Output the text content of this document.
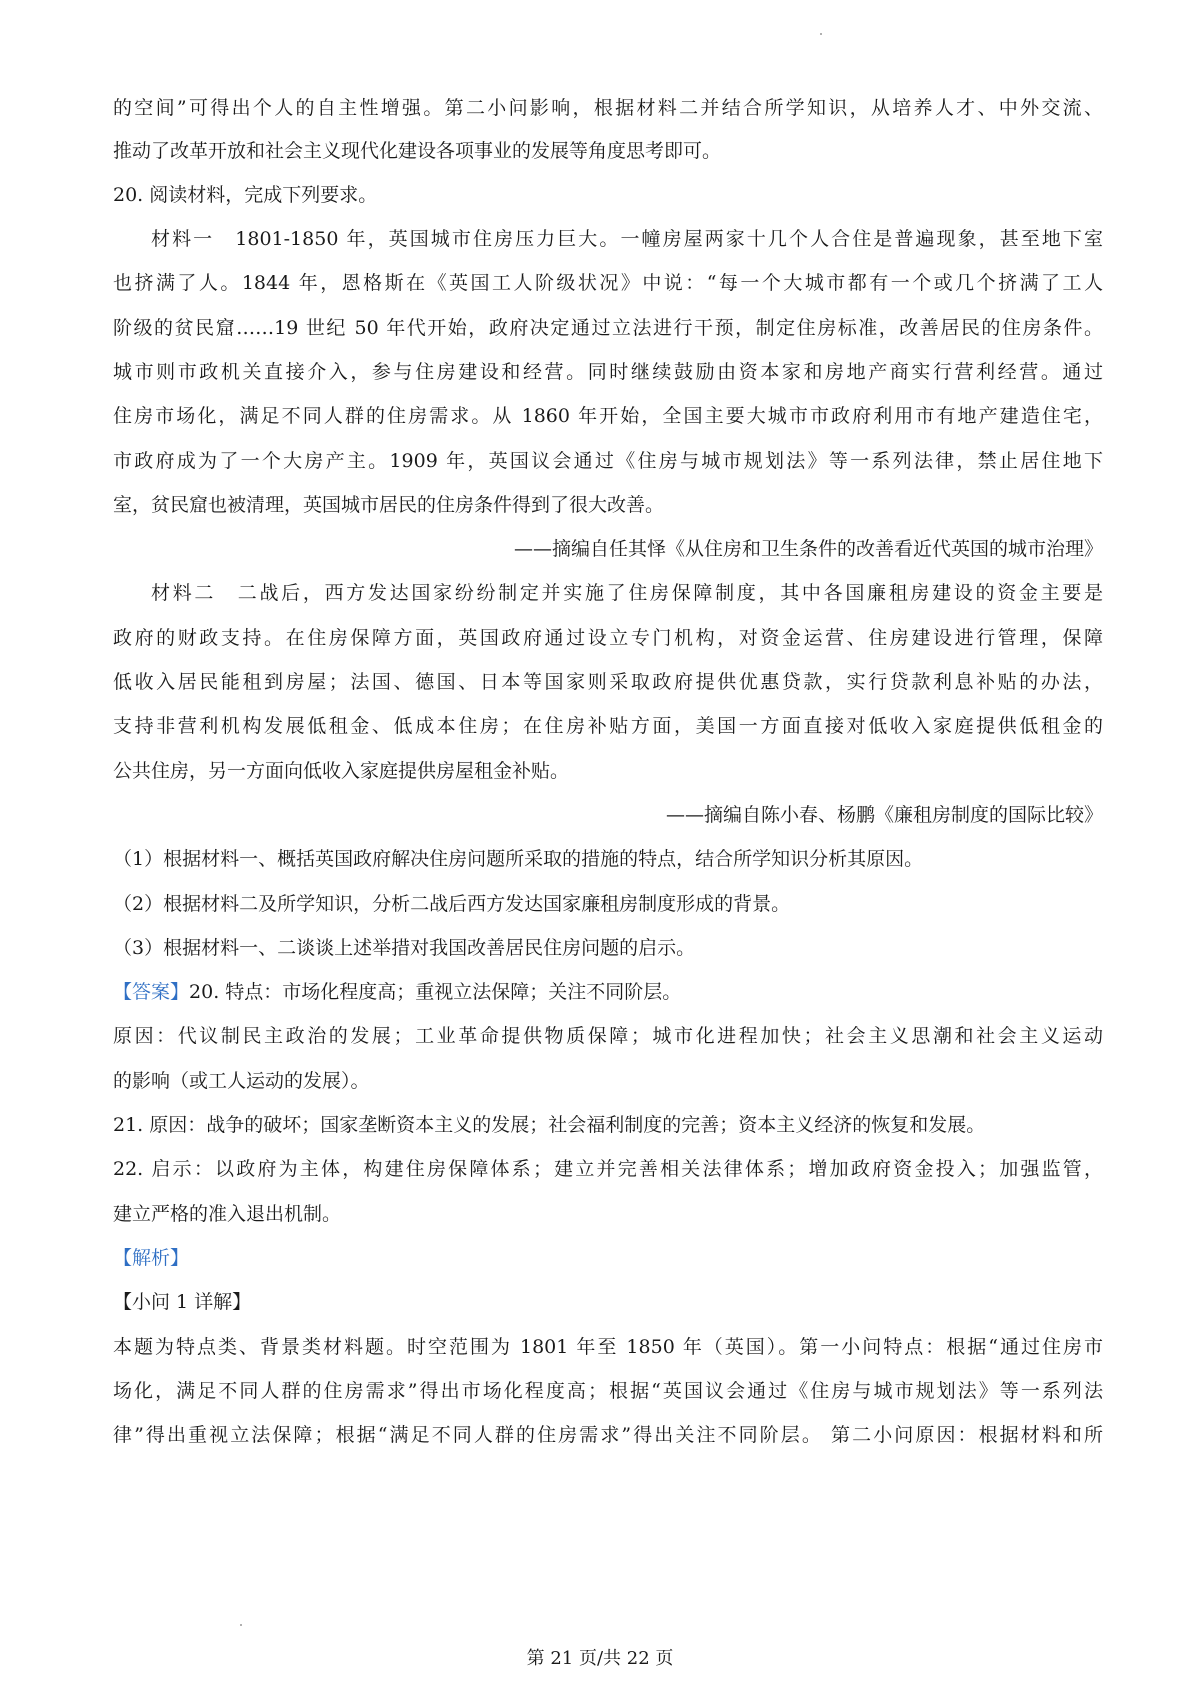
的空间”可得出个人的自主性增强。第二小问影响，根据材料二并结合所学知识，从培养人才、中外交流、
推动了改革开放和社会主义现代化建设各项事业的发展等角度思考即可。
20. 阅读材料，完成下列要求。
材料一　1801-1850 年，英国城市住房压力巨大。一幢房屋两家十几个人合住是普遍现象，甚至地下室
也挤满了人。1844 年，恩格斯在《英国工人阶级状况》中说：“每一个大城市都有一个或几个挤满了工人
阶级的贫民窟……19 世纪 50 年代开始，政府决定通过立法进行干预，制定住房标准，改善居民的住房条件。
城市则市政机关直接介入，参与住房建设和经营。同时继续鼓励由资本家和房地产商实行营利经营。通过
住房市场化，满足不同人群的住房需求。从 1860 年开始，全国主要大城市市政府利用市有地产建造住宅，
市政府成为了一个大房产主。1909 年，英国议会通过《住房与城市规划法》等一系列法律，禁止居住地下
室，贫民窟也被清理，英国城市居民的住房条件得到了很大改善。
——摘编自任其怿《从住房和卫生条件的改善看近代英国的城市治理》
材料二　二战后，西方发达国家纷纷制定并实施了住房保障制度，其中各国廉租房建设的资金主要是
政府的财政支持。在住房保障方面，英国政府通过设立专门机构，对资金运营、住房建设进行管理，保障
低收入居民能租到房屋；法国、德国、日本等国家则采取政府提供优惠贷款，实行贷款利息补贴的办法，
支持非营利机构发展低租金、低成本住房；在住房补贴方面，美国一方面直接对低收入家庭提供低租金的
公共住房，另一方面向低收入家庭提供房屋租金补贴。
——摘编自陈小春、杨鹏《廉租房制度的国际比较》
（1）根据材料一、概括英国政府解决住房问题所采取的措施的特点，结合所学知识分析其原因。
（2）根据材料二及所学知识，分析二战后西方发达国家廉租房制度形成的背景。
（3）根据材料一、二谈谈上述举措对我国改善居民住房问题的启示。
【答案】20. 特点：市场化程度高；重视立法保障；关注不同阶层。
原因：代议制民主政治的发展；工业革命提供物质保障；城市化进程加快；社会主义思潮和社会主义运动
的影响（或工人运动的发展）。
21. 原因：战争的破坏；国家垄断资本主义的发展；社会福利制度的完善；资本主义经济的恢复和发展。
22. 启示：以政府为主体，构建住房保障体系；建立并完善相关法律体系；增加政府资金投入；加强监管，
建立严格的准入退出机制。
【解析】
【小问 1 详解】
本题为特点类、背景类材料题。时空范围为 1801 年至 1850 年（英国）。第一小问特点：根据“通过住房市
场化，满足不同人群的住房需求”得出市场化程度高；根据“英国议会通过《住房与城市规划法》等一系列法
律”得出重视立法保障；根据“满足不同人群的住房需求”得出关注不同阶层。 第二小问原因：根据材料和所
第 21 页/共 22 页
